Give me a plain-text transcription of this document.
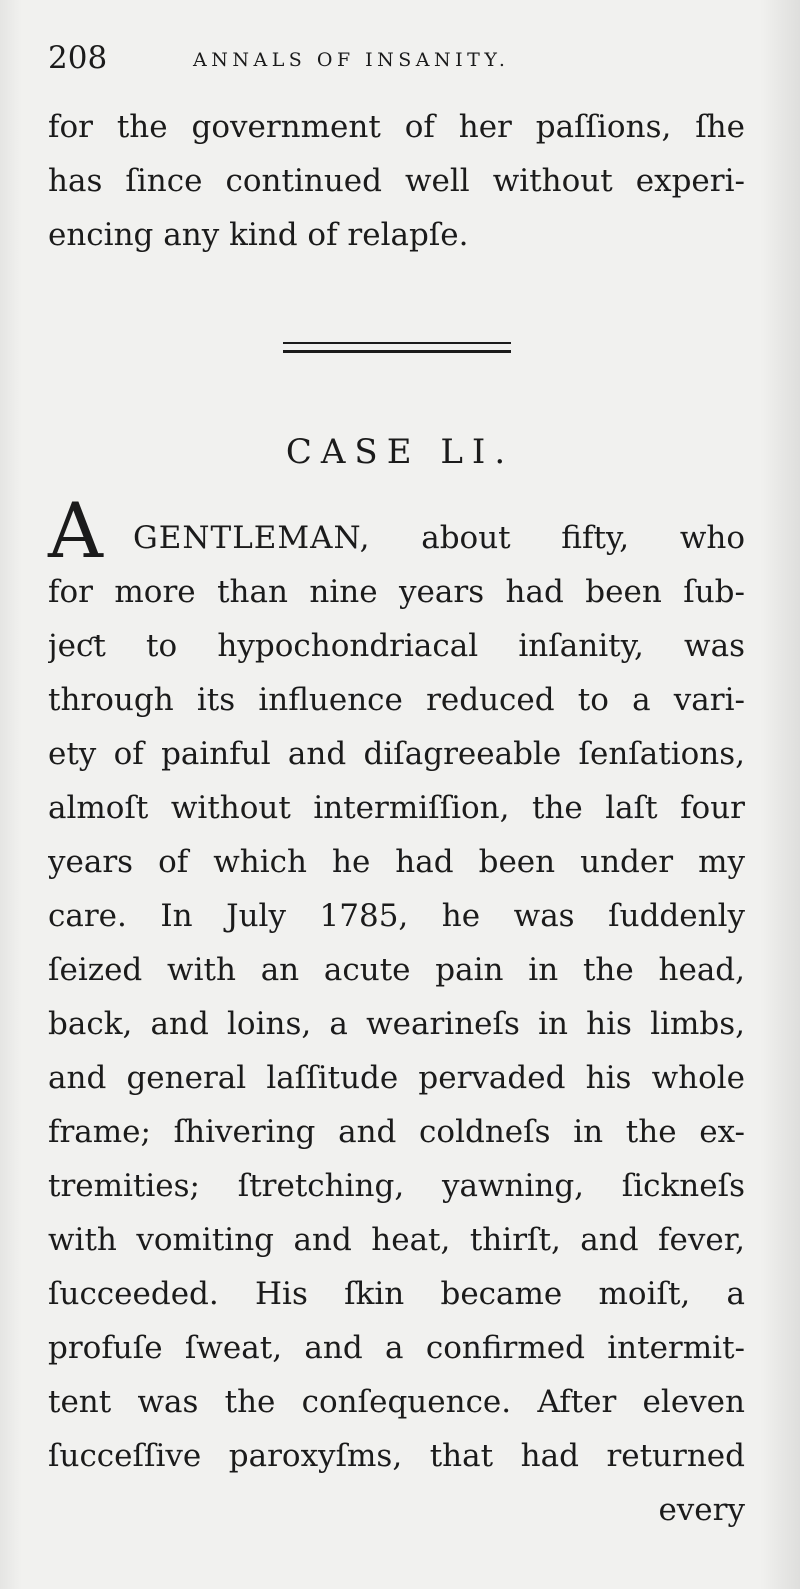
208	ANNALS OF INSANITY.
for the government of her paſſions, ſhe
has ſince continued well without experi-
encing any kind of relapſe.
CASE LI.
A GENTLEMAN, about fifty, who
for more than nine years had been ſub-
jeƈt to hypochondriacal inſanity, was
through its influence reduced to a vari-
ety of painful and diſagreeable ſenſations,
almoſt without intermiſſion, the laſt four
years of which he had been under my
care. In July 1785, he was ſuddenly
ſeized with an acute pain in the head,
back, and loins, a wearineſs in his limbs,
and general laſſitude pervaded his whole
frame; ſhivering and coldneſs in the ex-
tremities; ſtretching, yawning, ſickneſs
with vomiting and heat, thirſt, and fever,
ſucceeded. His ſkin became moiſt, a
profuſe ſweat, and a confirmed intermit-
tent was the conſequence. After eleven
ſucceſſive paroxyſms, that had returned
every
